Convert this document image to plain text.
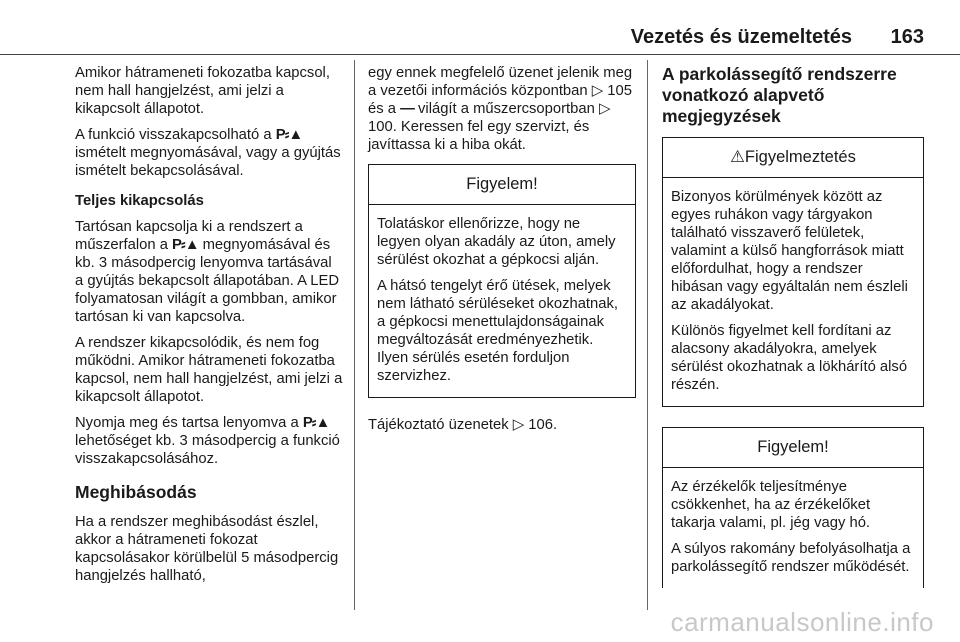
Vezetés és üzemeltetés 163

Amikor hátrameneti fokozatba kapcsol, nem hall hangjelzést, ami jelzi a kikapcsolt állapotot.

A funkció visszakapcsolható a P⸗▲ ismételt megnyomásával, vagy a gyújtás ismételt bekapcsolásával.

Teljes kikapcsolás

Tartósan kapcsolja ki a rendszert a műszerfalon a P⸗▲ megnyomásával és kb. 3 másodpercig lenyomva tartásával a gyújtás bekapcsolt állapotában. A LED folyamatosan világít a gombban, amikor tartósan ki van kapcsolva.

A rendszer kikapcsolódik, és nem fog működni. Amikor hátrameneti fokozatba kapcsol, nem hall hangjelzést, ami jelzi a kikapcsolt állapotot.

Nyomja meg és tartsa lenyomva a P⸗▲ lehetőséget kb. 3 másodpercig a funkció visszakapcsolásához.

Meghibásodás

Ha a rendszer meghibásodást észlel, akkor a hátrameneti fokozat kapcsolásakor körülbelül 5 másodpercig hangjelzés hallható,

egy ennek megfelelő üzenet jelenik meg a vezetői információs központban ▷ 105 és a — világít a műszercsoportban ▷ 100. Keressen fel egy szervizt, és javíttassa ki a hiba okát.

Figyelem!

Tolatáskor ellenőrizze, hogy ne legyen olyan akadály az úton, amely sérülést okozhat a gépkocsi alján.

A hátsó tengelyt érő ütések, melyek nem látható sérüléseket okozhatnak, a gépkocsi menettulajdonságainak megváltozását eredményezhetik. Ilyen sérülés esetén forduljon szervizhez.

Tájékoztató üzenetek ▷ 106.

A parkolássegítő rendszerre vonatkozó alapvető megjegyzések
⚠Figyelmeztetés

Bizonyos körülmények között az egyes ruhákon vagy tárgyakon található visszaverő felületek, valamint a külső hangforrások miatt előfordulhat, hogy a rendszer hibásan vagy egyáltalán nem észleli az akadályokat.

Különös figyelmet kell fordítani az alacsony akadályokra, amelyek sérülést okozhatnak a lökhárító alsó részén.

Figyelem!

Az érzékelők teljesítménye csökkenhet, ha az érzékelőket takarja valami, pl. jég vagy hó.

A súlyos rakomány befolyásolhatja a parkolássegítő rendszer működését.

carmanualsonline.info
